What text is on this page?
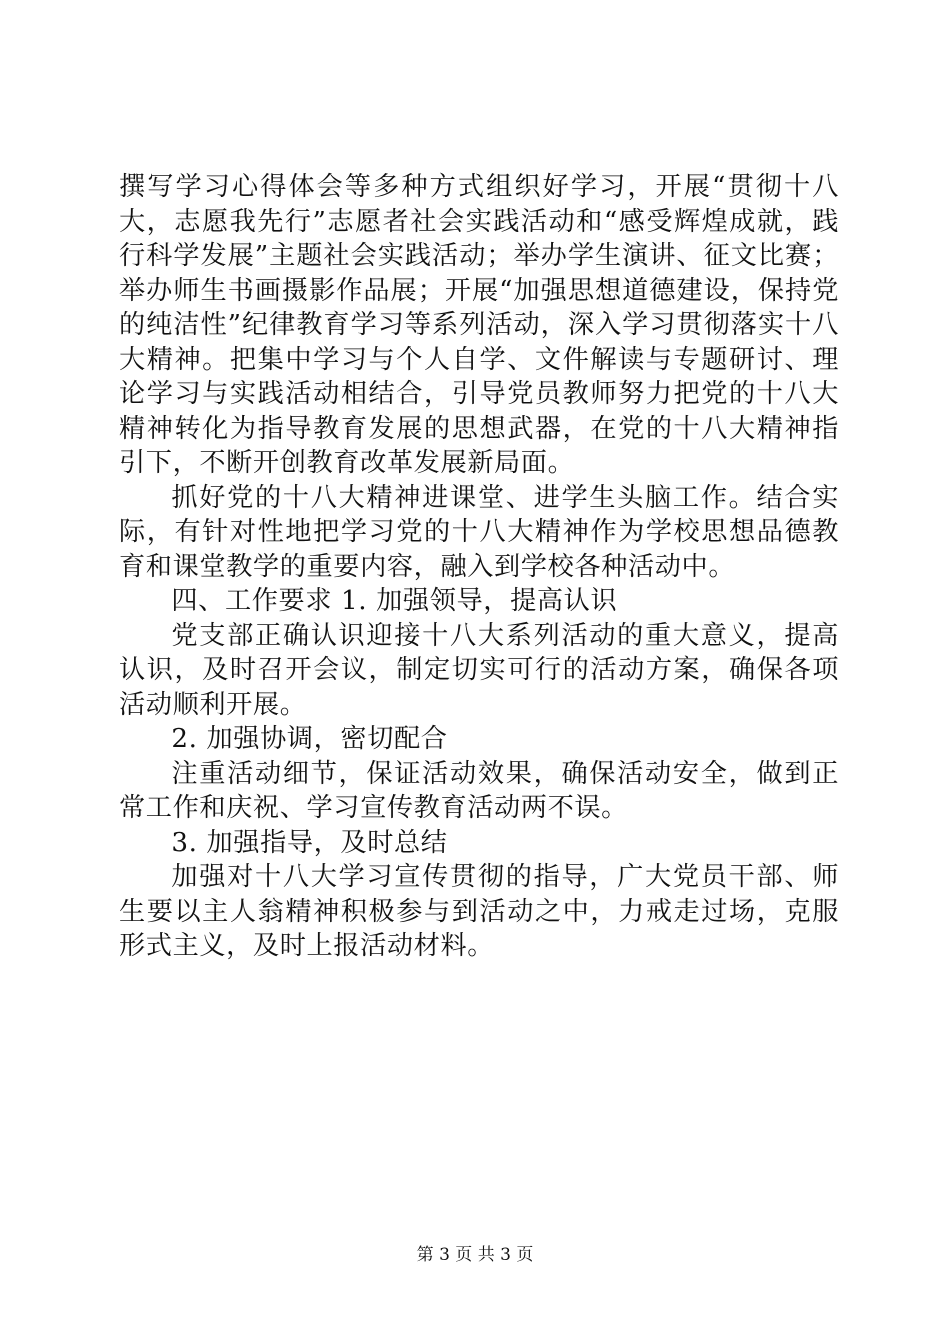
撰写学习心得体会等多种方式组织好学习，开展“贯彻十八大，志愿我先行”志愿者社会实践活动和“感受辉煌成就，践行科学发展”主题社会实践活动；举办学生演讲、征文比赛；举办师生书画摄影作品展；开展“加强思想道德建设，保持党的纯洁性”纪律教育学习等系列活动，深入学习贯彻落实十八大精神。把集中学习与个人自学、文件解读与专题研讨、理论学习与实践活动相结合，引导党员教师努力把党的十八大精神转化为指导教育发展的思想武器，在党的十八大精神指引下，不断开创教育改革发展新局面。

抓好党的十八大精神进课堂、进学生头脑工作。结合实际，有针对性地把学习党的十八大精神作为学校思想品德教育和课堂教学的重要内容，融入到学校各种活动中。

四、工作要求 1. 加强领导，提高认识

党支部正确认识迎接十八大系列活动的重大意义，提高认识，及时召开会议，制定切实可行的活动方案，确保各项活动顺利开展。

2. 加强协调，密切配合

注重活动细节，保证活动效果，确保活动安全，做到正常工作和庆祝、学习宣传教育活动两不误。

3. 加强指导，及时总结

加强对十八大学习宣传贯彻的指导，广大党员干部、师生要以主人翁精神积极参与到活动之中，力戒走过场，克服形式主义，及时上报活动材料。

第 3 页 共 3 页
